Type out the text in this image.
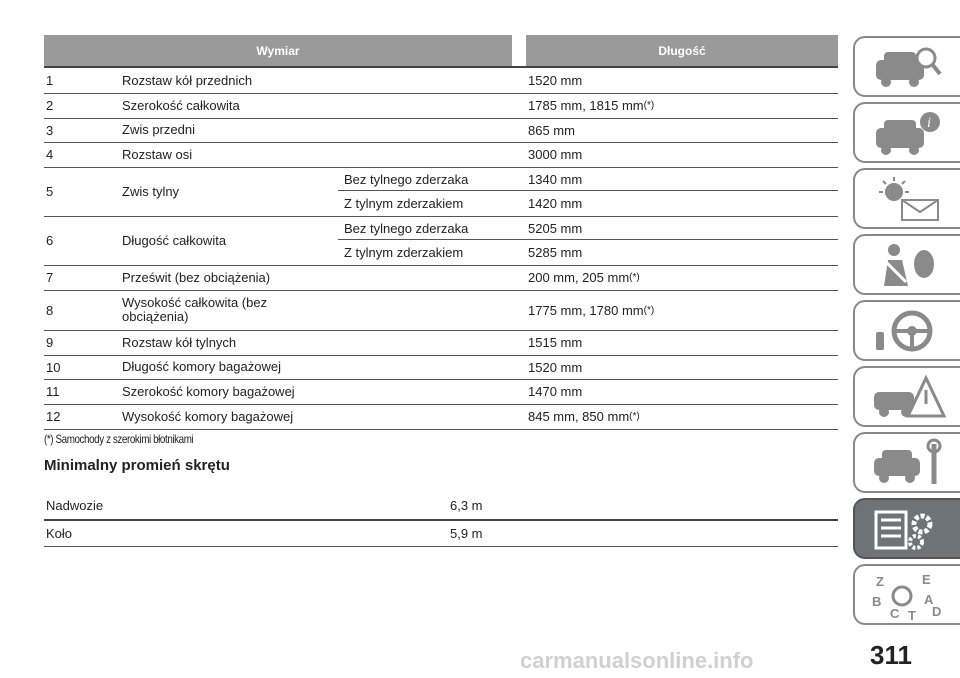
Wymiar	Długość
1	Rozstaw kół przednich	1520 mm
2	Szerokość całkowita	1785 mm, 1815 mm (*)
3	Zwis przedni	865 mm
4	Rozstaw osi	3000 mm
5	Zwis tylny
Bez tylnego zderzaka	1340 mm
Z tylnym zderzakiem	1420 mm
6	Długość całkowita
Bez tylnego zderzaka	5205 mm
Z tylnym zderzakiem	5285 mm
7	Prześwit (bez obciążenia)	200 mm, 205 mm (*)
8	Wysokość całkowita (bez obciążenia)	1775 mm, 1780 mm (*)
9	Rozstaw kół tylnych	1515 mm
10	Długość komory bagażowej	1520 mm
11	Szerokość komory bagażowej	1470 mm
12	Wysokość komory bagażowej	845 mm, 850 mm (*)
(*) Samochody z szerokimi błotnikami
Minimalny promień skrętu
Nadwozie	6,3 m
Koło	5,9 m
i
Z	E
B	A
C T D
311
carmanualsonline.info
